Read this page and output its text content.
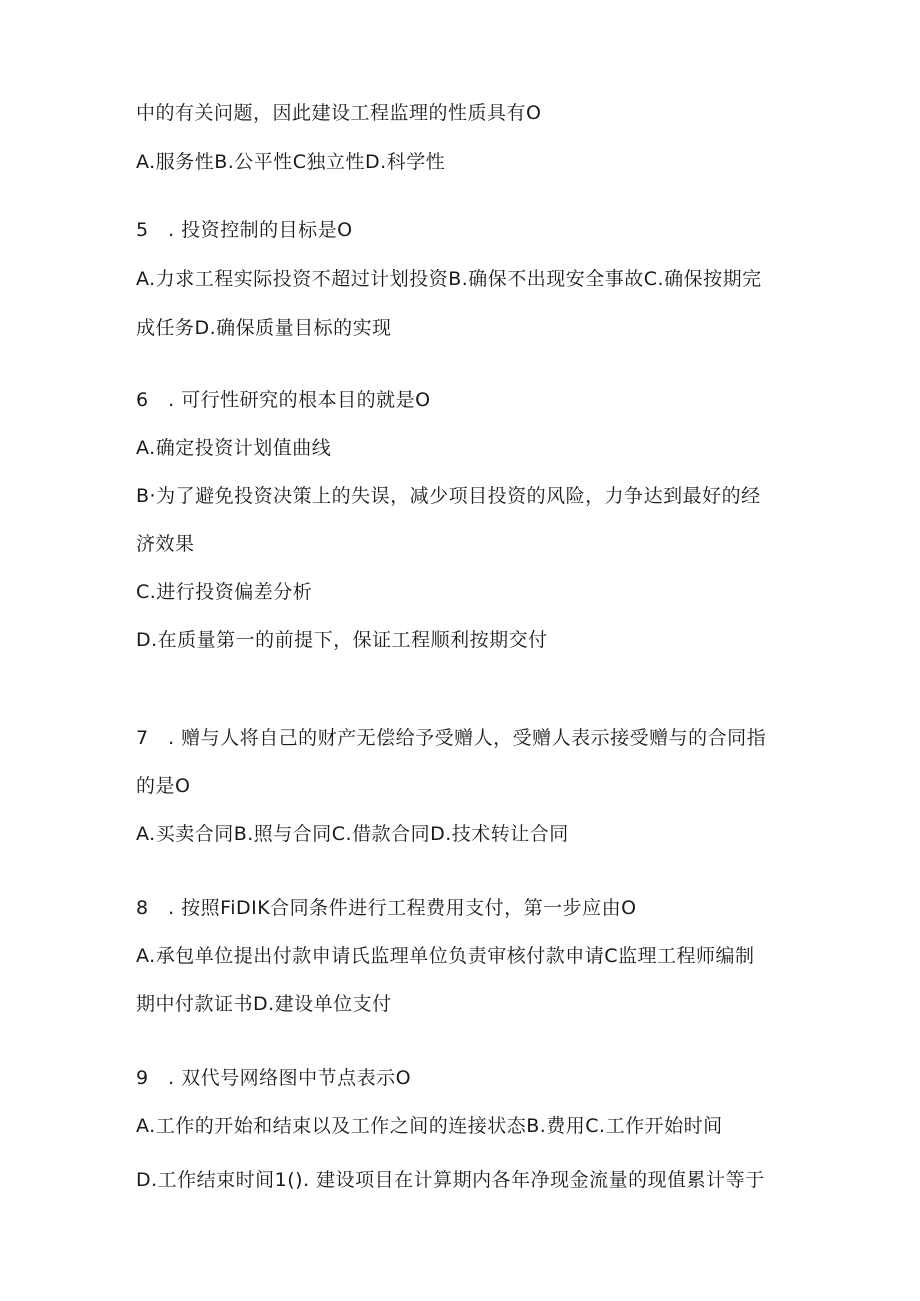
中的有关问题，因此建设工程监理的性质具有O
A.服务性B.公平性C独立性D.科学性
5　. 投资控制的目标是O
A.力求工程实际投资不超过计划投资B.确保不出现安全事故C.确保按期完
成任务D.确保质量目标的实现
6　. 可行性研究的根本目的就是O
A.确定投资计划值曲线
B·为了避免投资决策上的失误，减少项目投资的风险，力争达到最好的经
济效果
C.进行投资偏差分析
D.在质量第一的前提下，保证工程顺利按期交付
7　. 赠与人将自己的财产无偿给予受赠人，受赠人表示接受赠与的合同指
的是O
A.买卖合同B.照与合同C.借款合同D.技术转让合同
8　. 按照FiDIK合同条件进行工程费用支付，第一步应由O
A.承包单位提出付款申请氏监理单位负责审核付款申请C监理工程师编制
期中付款证书D.建设单位支付
9　. 双代号网络图中节点表示O
A.工作的开始和结束以及工作之间的连接状态B.费用C.工作开始时间
D.工作结束时间1(). 建设项目在计算期内各年净现金流量的现值累计等于
